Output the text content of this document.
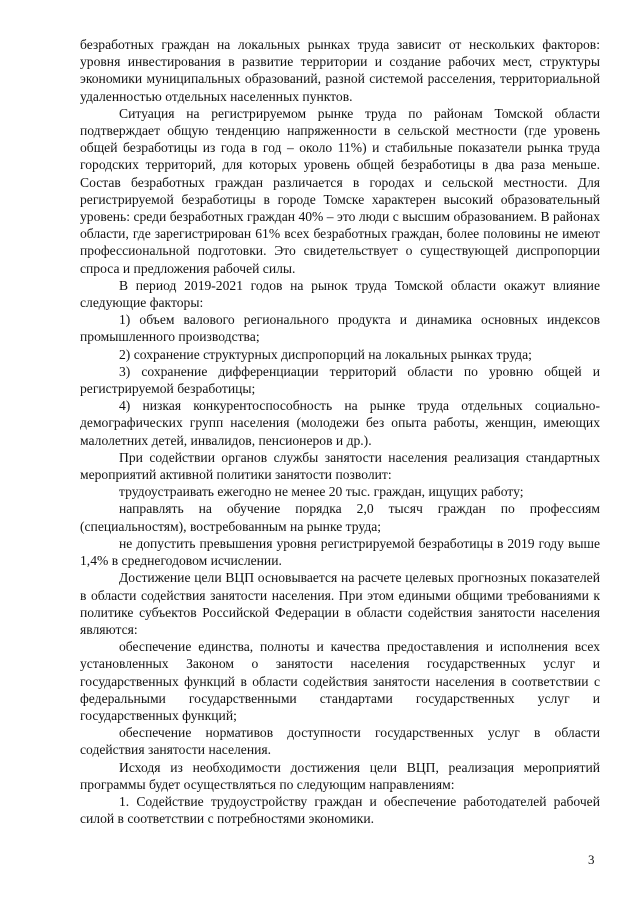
безработных граждан на локальных рынках труда зависит от нескольких факторов: уровня инвестирования в развитие территории и создание рабочих мест, структуры экономики муниципальных образований, разной системой расселения, территориальной удаленностью отдельных населенных пунктов.

Ситуация на регистрируемом рынке труда по районам Томской области подтверждает общую тенденцию напряженности в сельской местности (где уровень общей безработицы из года в год – около 11%) и стабильные показатели рынка труда городских территорий, для которых уровень общей безработицы в два раза меньше. Состав безработных граждан различается в городах и сельской местности. Для регистрируемой безработицы в городе Томске характерен высокий образовательный уровень: среди безработных граждан 40% – это люди с высшим образованием. В районах области, где зарегистрирован 61% всех безработных граждан, более половины не имеют профессиональной подготовки. Это свидетельствует о существующей диспропорции спроса и предложения рабочей силы.

В период 2019-2021 годов на рынок труда Томской области окажут влияние следующие факторы:

1) объем валового регионального продукта и динамика основных индексов промышленного производства;

2) сохранение структурных диспропорций на локальных рынках труда;

3) сохранение дифференциации территорий области по уровню общей и регистрируемой безработицы;

4) низкая конкурентоспособность на рынке труда отдельных социально-демографических групп населения (молодежи без опыта работы, женщин, имеющих малолетних детей, инвалидов, пенсионеров и др.).

При содействии органов службы занятости населения реализация стандартных мероприятий активной политики занятости позволит:

трудоустраивать ежегодно не менее 20 тыс. граждан, ищущих работу;

направлять на обучение порядка 2,0 тысяч граждан по профессиям (специальностям), востребованным на рынке труда;

не допустить превышения уровня регистрируемой безработицы в 2019 году выше 1,4% в среднегодовом исчислении.

Достижение цели ВЦП основывается на расчете целевых прогнозных показателей в области содействия занятости населения. При этом едиными общими требованиями к политике субъектов Российской Федерации в области содействия занятости населения являются:

обеспечение единства, полноты и качества предоставления и исполнения всех установленных Законом о занятости населения государственных услуг и государственных функций в области содействия занятости населения в соответствии с федеральными государственными стандартами государственных услуг и государственных функций;

обеспечение нормативов доступности государственных услуг в области содействия занятости населения.

Исходя из необходимости достижения цели ВЦП, реализация мероприятий программы будет осуществляться по следующим направлениям:

1. Содействие трудоустройству граждан и обеспечение работодателей рабочей силой в соответствии с потребностями экономики.

3
